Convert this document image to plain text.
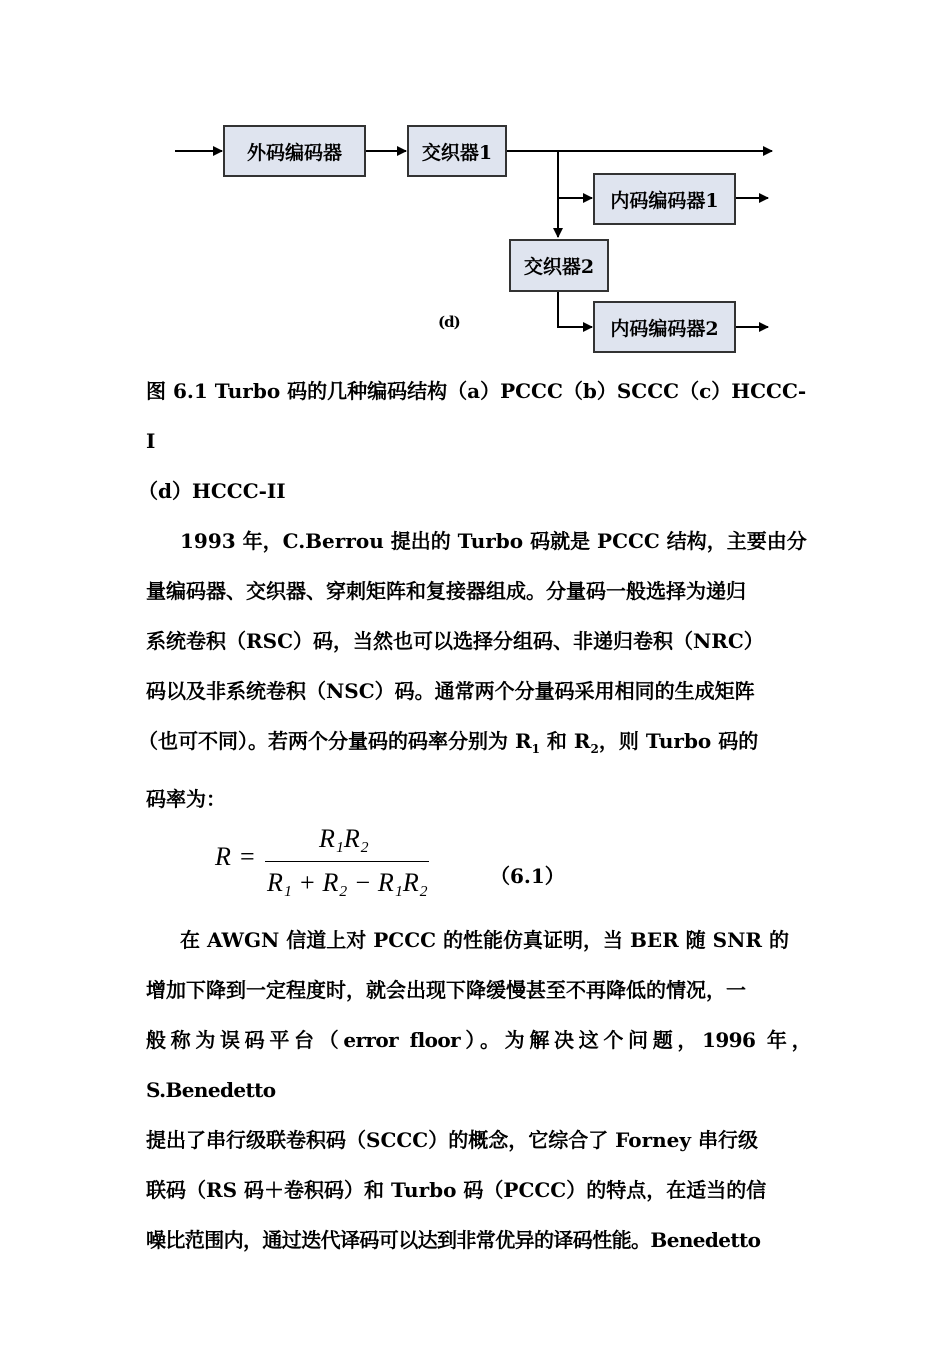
外码编码器	交织器1
内码编码器1
交织器2
内码编码器2
(d)
图 6.1 Turbo 码的几种编码结构（a）PCCC（b）SCCC（c）HCCC-I
（d）HCCC-II
1993 年，C.Berrou 提出的 Turbo 码就是 PCCC 结构，主要由分
量编码器、交织器、穿刺矩阵和复接器组成。分量码一般选择为递归
系统卷积（RSC）码，当然也可以选择分组码、非递归卷积（NRC）
码以及非系统卷积（NSC）码。通常两个分量码采用相同的生成矩阵
（也可不同）。若两个分量码的码率分别为 $R_1$ 和 $R_2$，则 Turbo 码的
码率为：
R =
R₁R₂
R₁ + R₂ − R₁R₂	（6.1）
在 AWGN 信道上对 PCCC 的性能仿真证明，当 BER 随 SNR 的
增加下降到一定程度时，就会出现下降缓慢甚至不再降低的情况，一
般称为误码平台（error floor）。为解决这个问题，1996 年，S.Benedetto
提出了串行级联卷积码（SCCC）的概念，它综合了 Forney 串行级
联码（RS 码＋卷积码）和 Turbo 码（PCCC）的特点，在适当的信
噪比范围内，通过迭代译码可以达到非常优异的译码性能。Benedetto
